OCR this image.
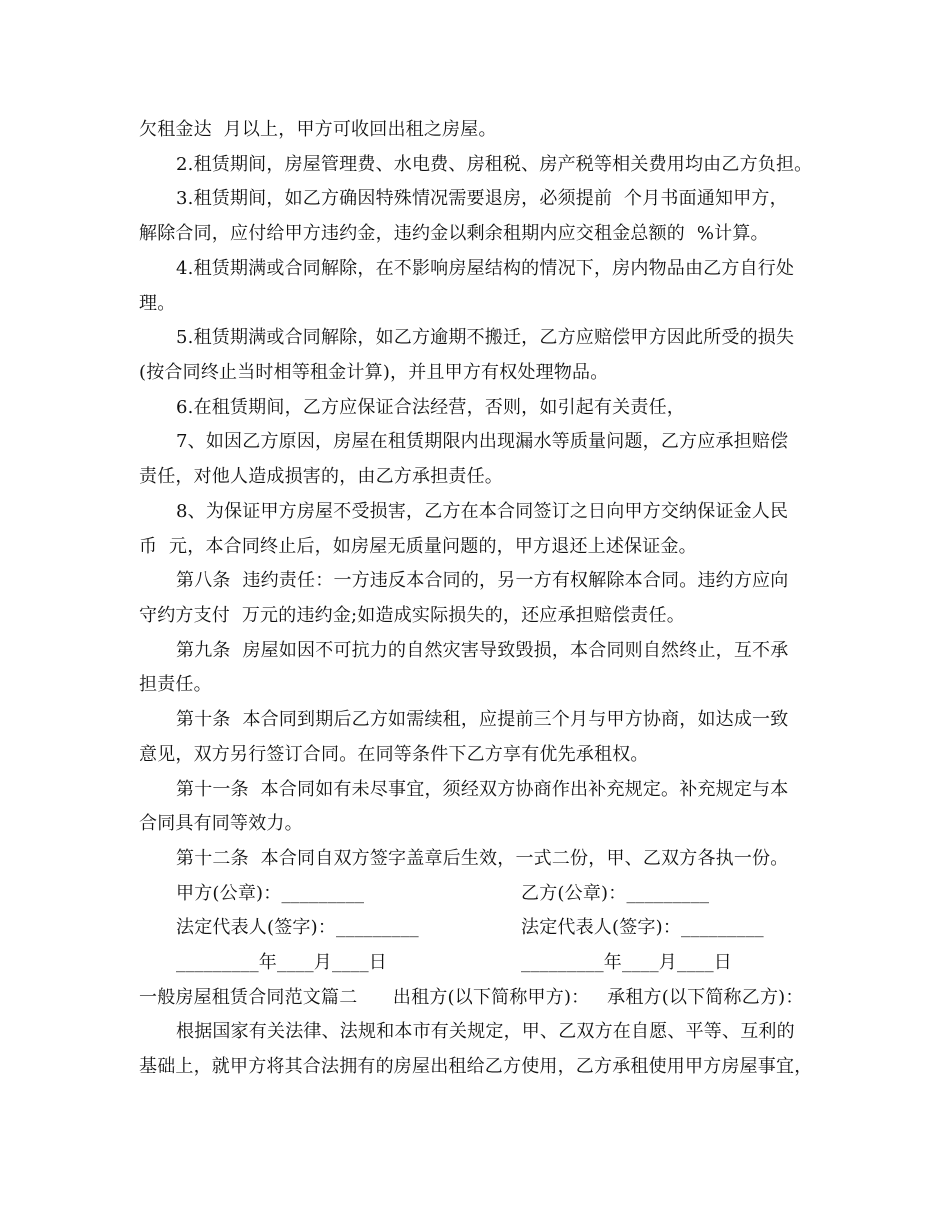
欠租金达  月以上，甲方可收回出租之房屋。
2.租赁期间，房屋管理费、水电费、房租税、房产税等相关费用均由乙方负担。
3.租赁期间，如乙方确因特殊情况需要退房，必须提前  个月书面通知甲方，
解除合同，应付给甲方违约金，违约金以剩余租期内应交租金总额的  %计算。
4.租赁期满或合同解除，在不影响房屋结构的情况下，房内物品由乙方自行处
理。
5.租赁期满或合同解除，如乙方逾期不搬迁，乙方应赔偿甲方因此所受的损失
(按合同终止当时相等租金计算)，并且甲方有权处理物品。
6.在租赁期间，乙方应保证合法经营，否则，如引起有关责任，
7、如因乙方原因，房屋在租赁期限内出现漏水等质量问题，乙方应承担赔偿
责任，对他人造成损害的，由乙方承担责任。
8、为保证甲方房屋不受损害，乙方在本合同签订之日向甲方交纳保证金人民
币  元，本合同终止后，如房屋无质量问题的，甲方退还上述保证金。
第八条  违约责任：一方违反本合同的，另一方有权解除本合同。违约方应向
守约方支付  万元的违约金;如造成实际损失的，还应承担赔偿责任。
第九条  房屋如因不可抗力的自然灾害导致毁损，本合同则自然终止，互不承
担责任。
第十条  本合同到期后乙方如需续租，应提前三个月与甲方协商，如达成一致
意见，双方另行签订合同。在同等条件下乙方享有优先承租权。
第十一条  本合同如有未尽事宜，须经双方协商作出补充规定。补充规定与本
合同具有同等效力。
第十二条  本合同自双方签字盖章后生效，一式二份，甲、乙双方各执一份。
甲方(公章)：_________	乙方(公章)：_________
法定代表人(签字)：_________	法定代表人(签字)：_________
_________年____月____日	_________年____月____日
一般房屋租赁合同范文篇二      出租方(以下简称甲方)：   承租方(以下简称乙方)：
根据国家有关法律、法规和本市有关规定，甲、乙双方在自愿、平等、互利的
基础上，就甲方将其合法拥有的房屋出租给乙方使用，乙方承租使用甲方房屋事宜，
